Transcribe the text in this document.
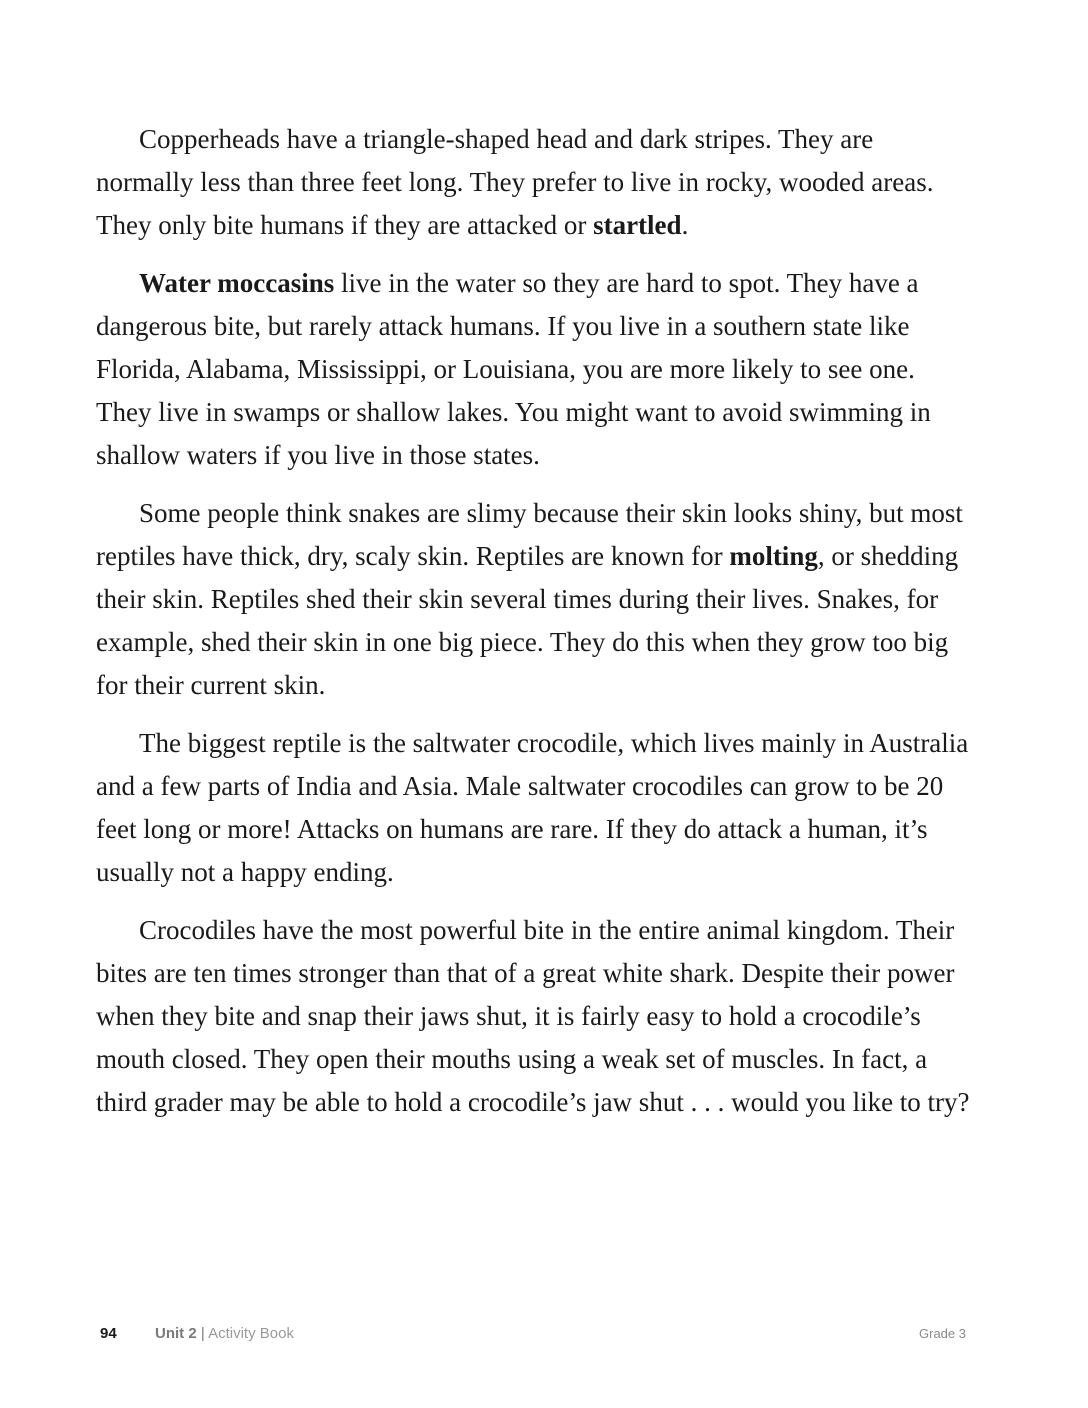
Copperheads have a triangle-shaped head and dark stripes. They are normally less than three feet long. They prefer to live in rocky, wooded areas. They only bite humans if they are attacked or startled.

Water moccasins live in the water so they are hard to spot. They have a dangerous bite, but rarely attack humans. If you live in a southern state like Florida, Alabama, Mississippi, or Louisiana, you are more likely to see one. They live in swamps or shallow lakes. You might want to avoid swimming in shallow waters if you live in those states.

Some people think snakes are slimy because their skin looks shiny, but most reptiles have thick, dry, scaly skin. Reptiles are known for molting, or shedding their skin. Reptiles shed their skin several times during their lives. Snakes, for example, shed their skin in one big piece. They do this when they grow too big for their current skin.

The biggest reptile is the saltwater crocodile, which lives mainly in Australia and a few parts of India and Asia. Male saltwater crocodiles can grow to be 20 feet long or more! Attacks on humans are rare. If they do attack a human, it’s usually not a happy ending.

Crocodiles have the most powerful bite in the entire animal kingdom. Their bites are ten times stronger than that of a great white shark. Despite their power when they bite and snap their jaws shut, it is fairly easy to hold a crocodile’s mouth closed. They open their mouths using a weak set of muscles. In fact, a third grader may be able to hold a crocodile’s jaw shut . . . would you like to try?

94	Unit 2 | Activity Book	Grade 3
